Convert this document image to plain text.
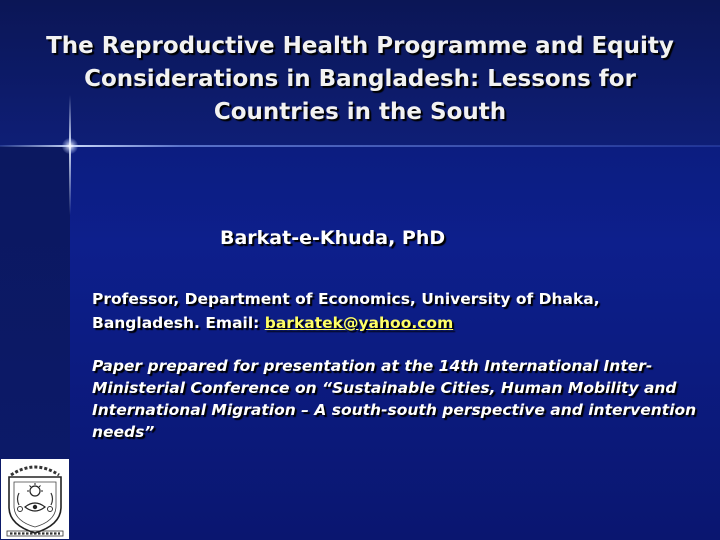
The Reproductive Health Programme and Equity Considerations in Bangladesh: Lessons for Countries in the South
Barkat-e-Khuda, PhD
Professor, Department of Economics, University of Dhaka, Bangladesh. Email: barkatek@yahoo.com
Paper prepared for presentation at the 14th International Inter-Ministerial Conference on “Sustainable Cities, Human Mobility and International Migration – A south-south perspective and intervention needs”
